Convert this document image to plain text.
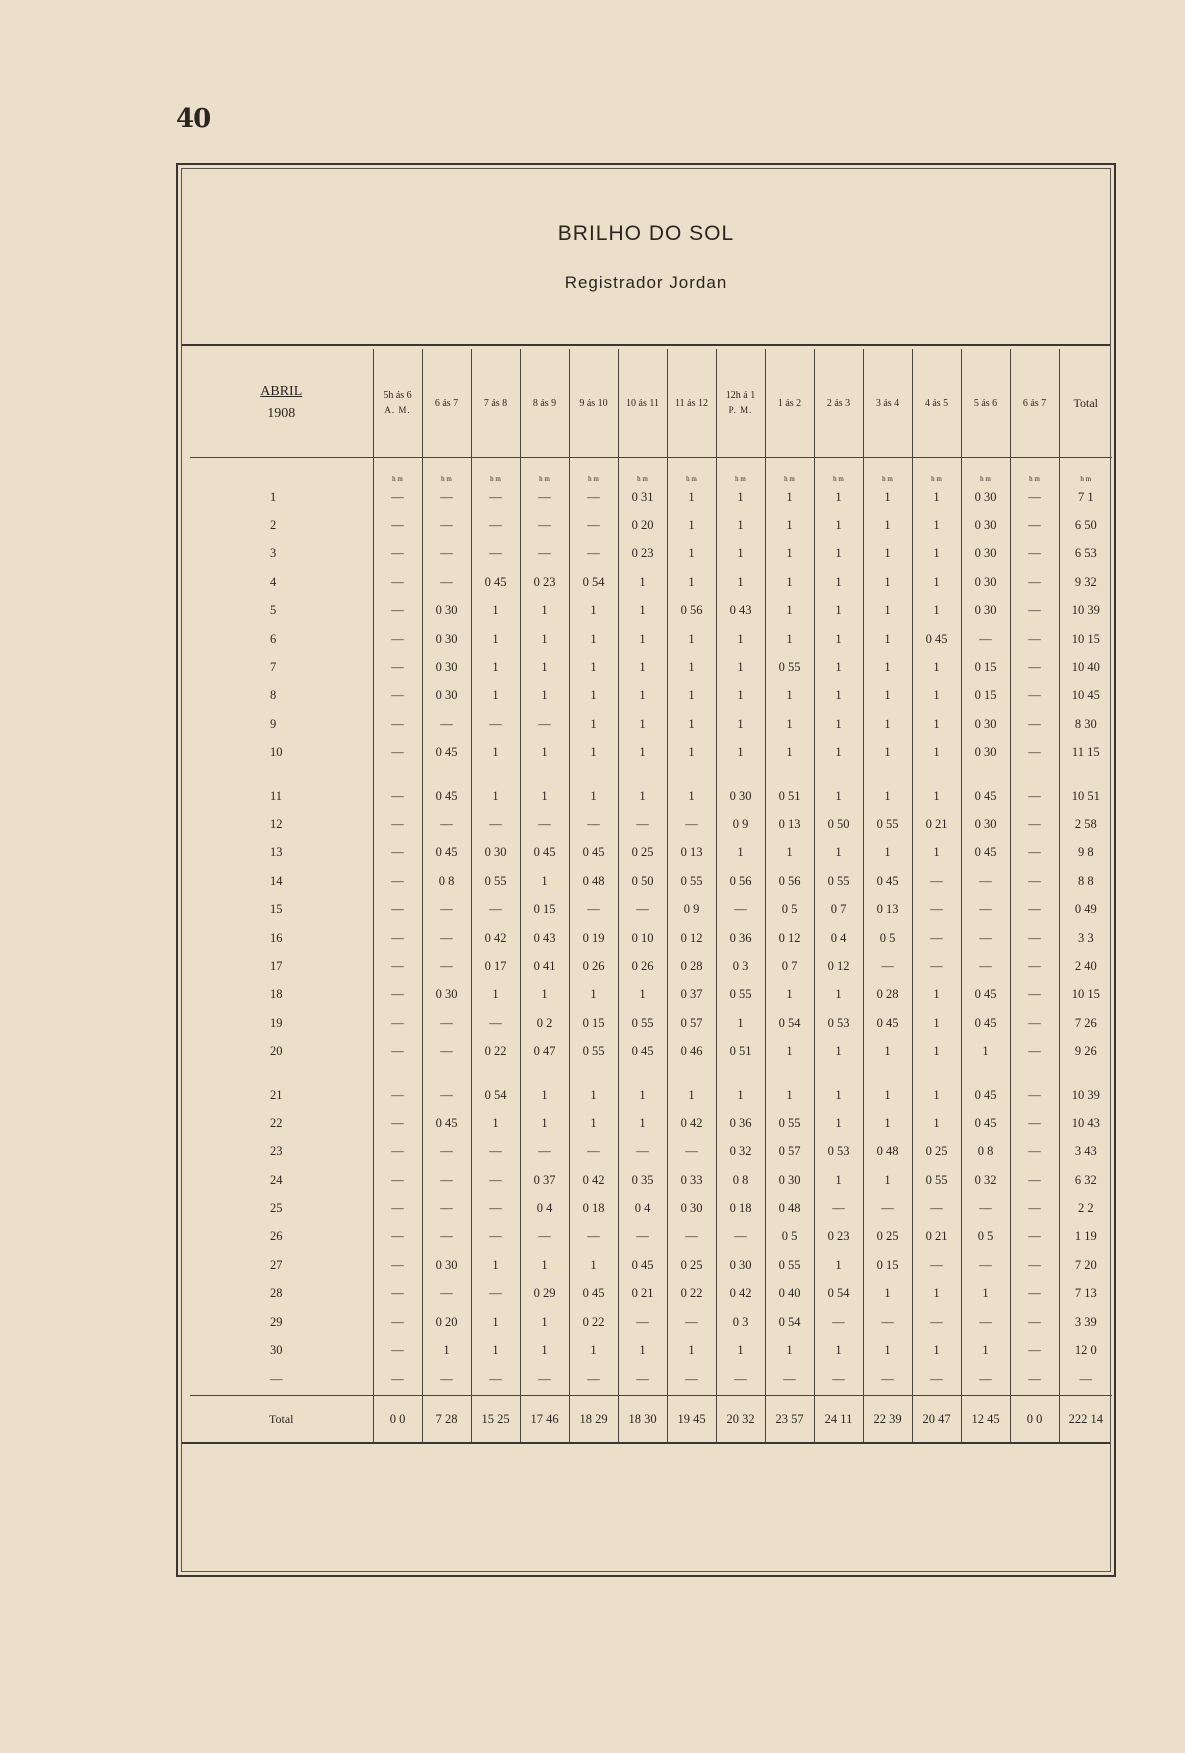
40
BRILHO DO SOL
Registrador Jordan
ABRIL
1908	5h ás 6
A. M.	6 ás 7	7 ás 8	8 ás 9	9 ás 10	10 ás 11	11 ás 12	12h á 1
P. M.	1 ás 2	2 ás 3	3 ás 4	4 ás 5	5 ás 6	6 ás 7	Total
	h m	h m	h m	h m	h m	h m	h m	h m	h m	h m	h m	h m	h m	h m	h m
1	—	—	—	—	—	0 31	1	1	1	1	1	1	0 30	—	7 1
2	—	—	—	—	—	0 20	1	1	1	1	1	1	0 30	—	6 50
3	—	—	—	—	—	0 23	1	1	1	1	1	1	0 30	—	6 53
4	—	—	0 45	0 23	0 54	1	1	1	1	1	1	1	0 30	—	9 32
5	—	0 30	1	1	1	1	0 56	0 43	1	1	1	1	0 30	—	10 39
6	—	0 30	1	1	1	1	1	1	1	1	1	0 45	—	—	10 15
7	—	0 30	1	1	1	1	1	1	0 55	1	1	1	0 15	—	10 40
8	—	0 30	1	1	1	1	1	1	1	1	1	1	0 15	—	10 45
9	—	—	—	—	1	1	1	1	1	1	1	1	0 30	—	8 30
10	—	0 45	1	1	1	1	1	1	1	1	1	1	0 30	—	11 15
11	—	0 45	1	1	1	1	1	0 30	0 51	1	1	1	0 45	—	10 51
12	—	—	—	—	—	—	—	0 9	0 13	0 50	0 55	0 21	0 30	—	2 58
13	—	0 45	0 30	0 45	0 45	0 25	0 13	1	1	1	1	1	0 45	—	9 8
14	—	0 8	0 55	1	0 48	0 50	0 55	0 56	0 56	0 55	0 45	—	—	—	8 8
15	—	—	—	0 15	—	—	0 9	—	0 5	0 7	0 13	—	—	—	0 49
16	—	—	0 42	0 43	0 19	0 10	0 12	0 36	0 12	0 4	0 5	—	—	—	3 3
17	—	—	0 17	0 41	0 26	0 26	0 28	0 3	0 7	0 12	—	—	—	—	2 40
18	—	0 30	1	1	1	1	0 37	0 55	1	1	0 28	1	0 45	—	10 15
19	—	—	—	0 2	0 15	0 55	0 57	1	0 54	0 53	0 45	1	0 45	—	7 26
20	—	—	0 22	0 47	0 55	0 45	0 46	0 51	1	1	1	1	1	—	9 26
21	—	—	0 54	1	1	1	1	1	1	1	1	1	0 45	—	10 39
22	—	0 45	1	1	1	1	0 42	0 36	0 55	1	1	1	0 45	—	10 43
23	—	—	—	—	—	—	—	0 32	0 57	0 53	0 48	0 25	0 8	—	3 43
24	—	—	—	0 37	0 42	0 35	0 33	0 8	0 30	1	1	0 55	0 32	—	6 32
25	—	—	—	0 4	0 18	0 4	0 30	0 18	0 48	—	—	—	—	—	2 2
26	—	—	—	—	—	—	—	—	0 5	0 23	0 25	0 21	0 5	—	1 19
27	—	0 30	1	1	1	0 45	0 25	0 30	0 55	1	0 15	—	—	—	7 20
28	—	—	—	0 29	0 45	0 21	0 22	0 42	0 40	0 54	1	1	1	—	7 13
29	—	0 20	1	1	0 22	—	—	0 3	0 54	—	—	—	—	—	3 39
30	—	1	1	1	1	1	1	1	1	1	1	1	1	—	12 0
—	—	—	—	—	—	—	—	—	—	—	—	—	—	—	—
Total	0 0	7 28	15 25	17 46	18 29	18 30	19 45	20 32	23 57	24 11	22 39	20 47	12 45	0 0	222 14
